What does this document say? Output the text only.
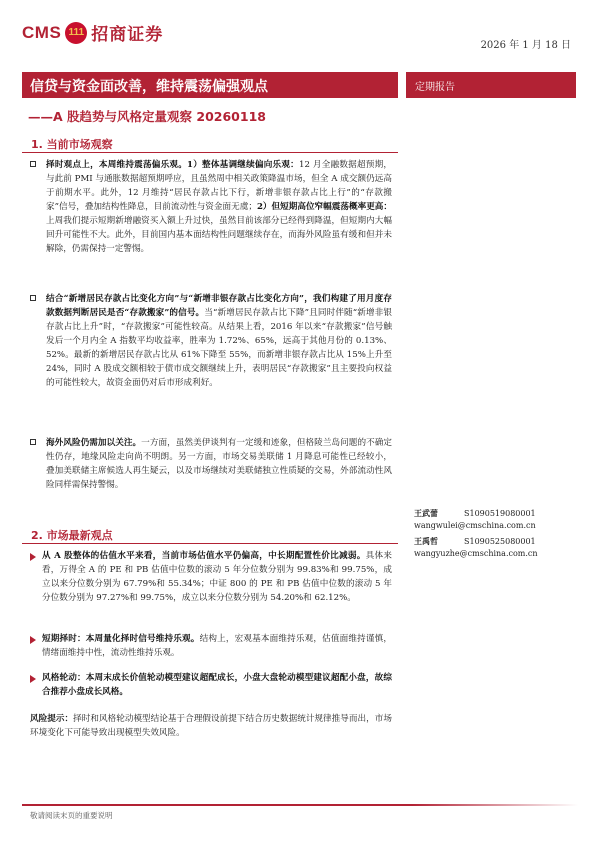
CMS 111 招商证券
2026 年 1 月 18 日
信贷与资金面改善，维持震荡偏强观点
——A 股趋势与风格定量观察 20260118
定期报告
1. 当前市场观察
择时观点上，本周维持震荡偏乐观。1）整体基调继续偏向乐观：12 月全融数据超预期，与此前 PMI 与通胀数据超预期呼应，且虽然周中相关政策降温市场，但全 A 成交额仍远高于前期水平。此外，12 月维持“居民存款占比下行，新增非银存款占比上行”的“存款搬家”信号，叠加结构性降息，目前流动性与资金面无虞；2）但短期高位窄幅震荡概率更高：上周我们提示短期新增融资买入额上升过快，虽然目前该部分已经得到降温，但短期内大幅回升可能性不大。此外，目前国内基本面结构性问题继续存在，而海外风险虽有缓和但并未解除，仍需保持一定警惕。
结合“新增居民存款占比变化方向”与“新增非银存款占比变化方向”，我们构建了用月度存款数据判断居民是否“存款搬家”的信号。当“新增居民存款占比下降”且同时伴随“新增非银存款占比上升”时，“存款搬家”可能性较高。从结果上看，2016 年以来“存款搬家”信号触发后一个月内全 A 指数平均收益率，胜率为 1.72%、65%，远高于其他月份的 0.13%、52%。最新的新增居民存款占比从 61%下降至 55%，而新增非银存款占比从 15%上升至 24%，同时 A 股成交额相较于债市成交额继续上升，表明居民“存款搬家”且主要投向权益的可能性较大，故资金面仍对后市形成利好。
海外风险仍需加以关注。一方面，虽然美伊谈判有一定缓和迹象，但格陵兰岛问题的不确定性仍存，地缘风险走向尚不明朗。另一方面，市场交易美联储 1 月降息可能性已经较小，叠加美联储主席候选人再生疑云，以及市场继续对美联储独立性质疑的交易，外部流动性风险同样需保持警惕。
2. 市场最新观点
从 A 股整体的估值水平来看，当前市场估值水平仍偏高，中长期配置性价比减弱。具体来看，万得全 A 的 PE 和 PB 估值中位数的滚动 5 年分位数分别为 99.83%和 99.75%，成立以来分位数分别为 67.79%和 55.34%；中证 800 的 PE 和 PB 估值中位数的滚动 5 年分位数分别为 97.27%和 99.75%，成立以来分位数分别为 54.20%和 62.12%。
短期择时：本周量化择时信号维持乐观。结构上，宏观基本面维持乐观，估值面维持谨慎，情绪面维持中性，流动性维持乐观。
风格轮动：本周末成长价值轮动模型建议超配成长，小盘大盘轮动模型建议超配小盘，故综合推荐小盘成长风格。
风险提示：择时和风格轮动模型结论基于合理假设前提下结合历史数据统计规律推导而出，市场环境变化下可能导致出现模型失效风险。
王武蕾	S1090519080001
wangwulei@cmschina.com.cn
王禹哲	S1090525080001
wangyuzhe@cmschina.com.cn
敬请阅读末页的重要说明
